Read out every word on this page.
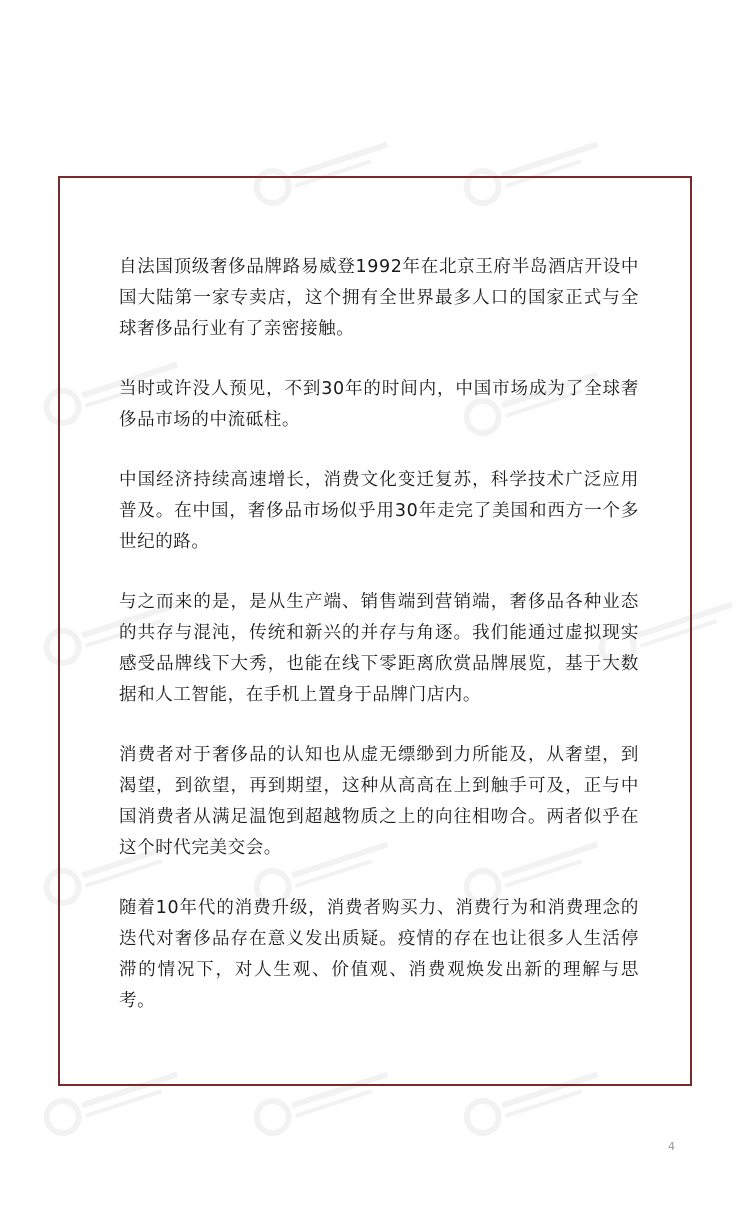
自法国顶级奢侈品牌路易威登1992年在北京王府半岛酒店开设中国大陆第一家专卖店，这个拥有全世界最多人口的国家正式与全球奢侈品行业有了亲密接触。

当时或许没人预见，不到30年的时间内，中国市场成为了全球奢侈品市场的中流砥柱。

中国经济持续高速增长，消费文化变迁复苏，科学技术广泛应用普及。在中国，奢侈品市场似乎用30年走完了美国和西方一个多世纪的路。

与之而来的是，是从生产端、销售端到营销端，奢侈品各种业态的共存与混沌，传统和新兴的并存与角逐。我们能通过虚拟现实感受品牌线下大秀，也能在线下零距离欣赏品牌展览，基于大数据和人工智能，在手机上置身于品牌门店内。

消费者对于奢侈品的认知也从虚无缥缈到力所能及，从奢望，到渴望，到欲望，再到期望，这种从高高在上到触手可及，正与中国消费者从满足温饱到超越物质之上的向往相吻合。两者似乎在这个时代完美交会。

随着10年代的消费升级，消费者购买力、消费行为和消费理念的迭代对奢侈品存在意义发出质疑。疫情的存在也让很多人生活停滞的情况下，对人生观、价值观、消费观焕发出新的理解与思考。

4
